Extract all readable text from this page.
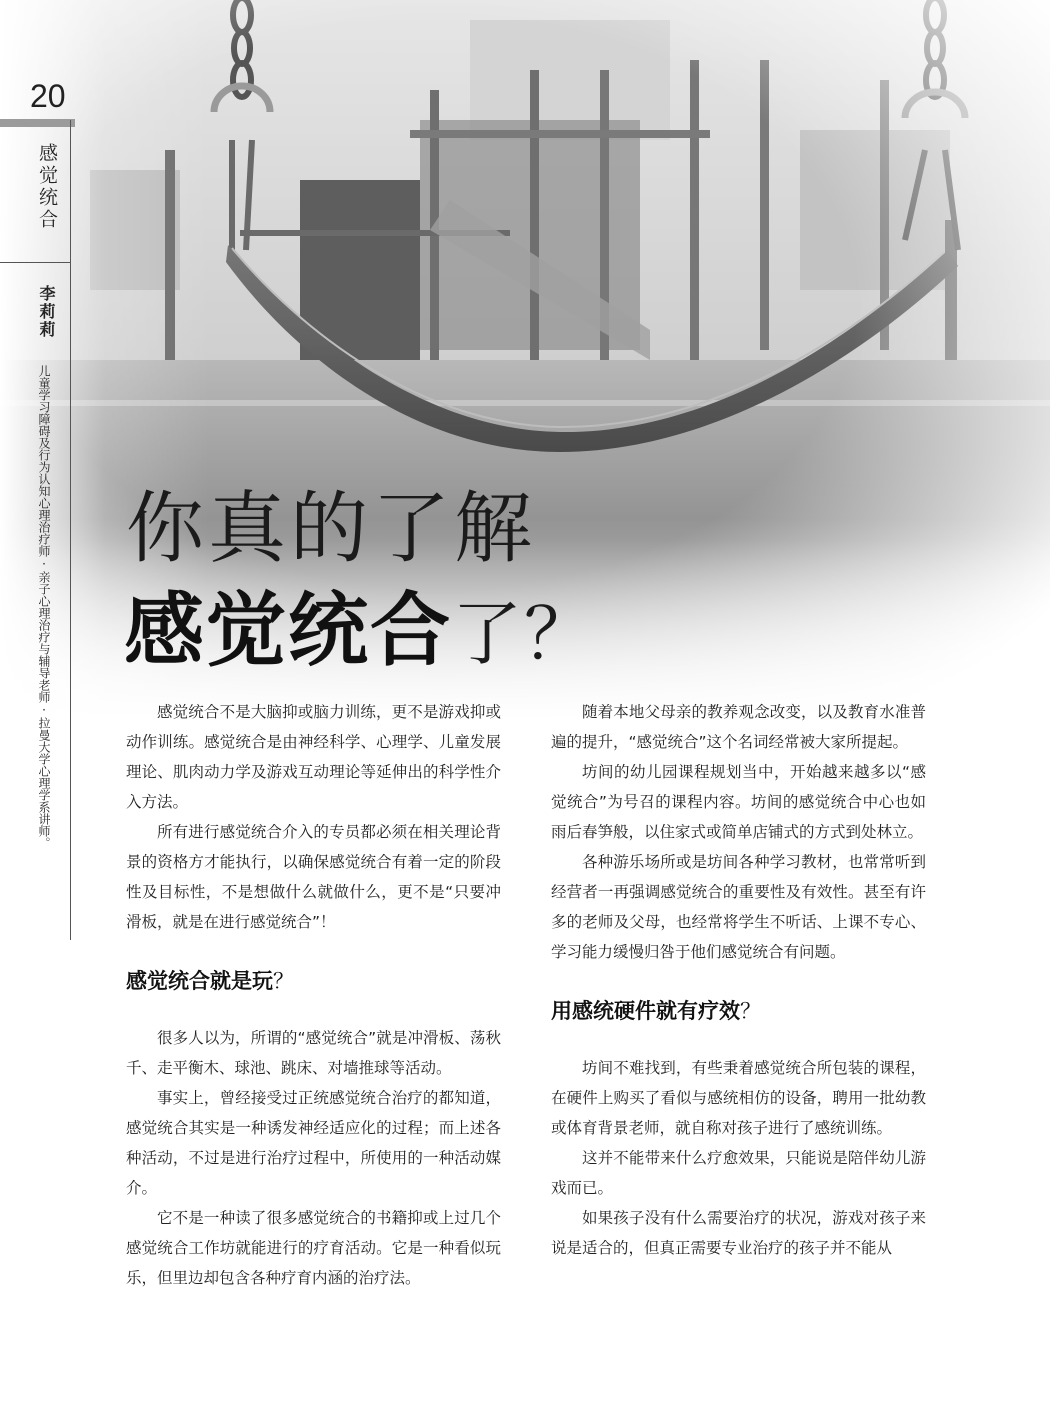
20
感觉统合
李莉莉
儿童学习障碍及行为认知心理治疗师·亲子心理治疗与辅导老师·拉曼大学心理学系讲师。 你真的了解
感觉统合了？

感觉统合不是大脑抑或脑力训练，更不是游戏抑或动作训练。感觉统合是由神经科学、心理学、儿童发展理论、肌肉动力学及游戏互动理论等延伸出的科学性介入方法。

所有进行感觉统合介入的专员都必须在相关理论背景的资格方才能执行，以确保感觉统合有着一定的阶段性及目标性，不是想做什么就做什么，更不是“只要冲滑板，就是在进行感觉统合”！

感觉统合就是玩？

很多人以为，所谓的“感觉统合”就是冲滑板、荡秋千、走平衡木、球池、跳床、对墙推球等活动。

事实上，曾经接受过正统感觉统合治疗的都知道，感觉统合其实是一种诱发神经适应化的过程；而上述各种活动，不过是进行治疗过程中，所使用的一种活动媒介。

它不是一种读了很多感觉统合的书籍抑或上过几个感觉统合工作坊就能进行的疗育活动。它是一种看似玩乐，但里边却包含各种疗育内涵的治疗法。

随着本地父母亲的教养观念改变，以及教育水准普遍的提升，“感觉统合”这个名词经常被大家所提起。

坊间的幼儿园课程规划当中，开始越来越多以“感觉统合”为号召的课程内容。坊间的感觉统合中心也如雨后春笋般，以住家式或简单店铺式的方式到处林立。

各种游乐场所或是坊间各种学习教材，也常常听到经营者一再强调感觉统合的重要性及有效性。甚至有许多的老师及父母，也经常将学生不听话、上课不专心、学习能力缓慢归咎于他们感觉统合有问题。

用感统硬件就有疗效？

坊间不难找到，有些秉着感觉统合所包装的课程，在硬件上购买了看似与感统相仿的设备，聘用一批幼教或体育背景老师，就自称对孩子进行了感统训练。

这并不能带来什么疗愈效果，只能说是陪伴幼儿游戏而已。

如果孩子没有什么需要治疗的状况，游戏对孩子来说是适合的，但真正需要专业治疗的孩子并不能从
